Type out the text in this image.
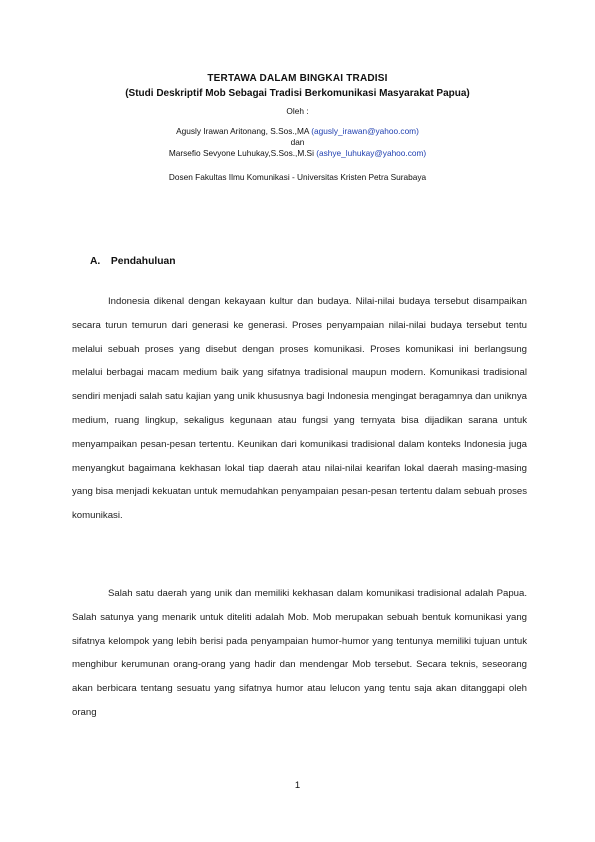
TERTAWA DALAM BINGKAI TRADISI

(Studi Deskriptif Mob Sebagai Tradisi Berkomunikasi Masyarakat Papua)

Oleh :

Agusly Irawan Aritonang, S.Sos.,MA (agusly_irawan@yahoo.com)

dan

Marsefio Sevyone Luhukay,S.Sos.,M.Si (ashye_luhukay@yahoo.com)

Dosen Fakultas Ilmu Komunikasi - Universitas Kristen Petra Surabaya

A. Pendahuluan

Indonesia dikenal dengan kekayaan kultur dan budaya. Nilai-nilai budaya tersebut disampaikan secara turun temurun dari generasi ke generasi. Proses penyampaian nilai-nilai budaya tersebut tentu melalui sebuah proses yang disebut dengan proses komunikasi. Proses komunikasi ini berlangsung melalui berbagai macam medium baik yang sifatnya tradisional maupun modern. Komunikasi tradisional sendiri menjadi salah satu kajian yang unik khususnya bagi Indonesia mengingat beragamnya dan uniknya medium, ruang lingkup, sekaligus kegunaan atau fungsi yang ternyata bisa dijadikan sarana untuk menyampaikan pesan-pesan tertentu. Keunikan dari komunikasi tradisional dalam konteks Indonesia juga menyangkut bagaimana kekhasan lokal tiap daerah atau nilai-nilai kearifan lokal daerah masing-masing yang bisa menjadi kekuatan untuk memudahkan penyampaian pesan-pesan tertentu dalam sebuah proses komunikasi.

Salah satu daerah yang unik dan memiliki kekhasan dalam komunikasi tradisional adalah Papua. Salah satunya yang menarik untuk diteliti adalah Mob. Mob merupakan sebuah bentuk komunikasi yang sifatnya kelompok yang lebih berisi pada penyampaian humor-humor yang tentunya memiliki tujuan untuk menghibur kerumunan orang-orang yang hadir dan mendengar Mob tersebut. Secara teknis, seseorang akan berbicara tentang sesuatu yang sifatnya humor atau lelucon yang tentu saja akan ditanggapi oleh orang

1
